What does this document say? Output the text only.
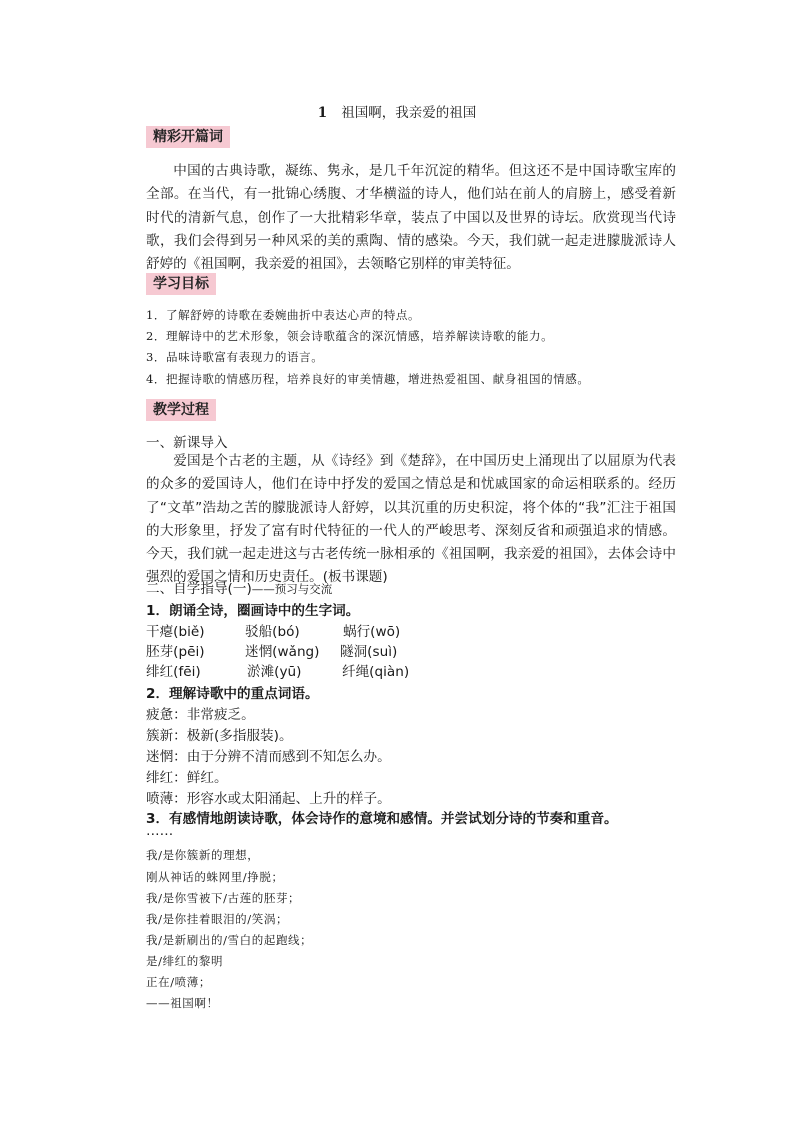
1 祖国啊，我亲爱的祖国
精彩开篇词

中国的古典诗歌，凝练、隽永，是几千年沉淀的精华。但这还不是中国诗歌宝库的全部。在当代，有一批锦心绣腹、才华横溢的诗人，他们站在前人的肩膀上，感受着新时代的清新气息，创作了一大批精彩华章，装点了中国以及世界的诗坛。欣赏现当代诗歌，我们会得到另一种风采的美的熏陶、情的感染。今天，我们就一起走进朦胧派诗人舒婷的《祖国啊，我亲爱的祖国》，去领略它别样的审美特征。

学习目标
1．了解舒婷的诗歌在委婉曲折中表达心声的特点。
2．理解诗中的艺术形象，领会诗歌蕴含的深沉情感，培养解读诗歌的能力。
3．品味诗歌富有表现力的语言。
4．把握诗歌的情感历程，培养良好的审美情趣，增进热爱祖国、献身祖国的情感。
教学过程
一、新课导入

爱国是个古老的主题，从《诗经》到《楚辞》，在中国历史上涌现出了以屈原为代表的众多的爱国诗人，他们在诗中抒发的爱国之情总是和忧戚国家的命运相联系的。经历了“文革”浩劫之苦的朦胧派诗人舒婷，以其沉重的历史积淀，将个体的“我”汇注于祖国的大形象里，抒发了富有时代特征的一代人的严峻思考、深刻反省和顽强追求的情感。今天，我们就一起走进这与古老传统一脉相承的《祖国啊，我亲爱的祖国》，去体会诗中强烈的爱国之情和历史责任。(板书课题)

二、自学指导(一)——预习与交流
1．朗诵全诗，圈画诗中的生字词。
干瘪(biě)	驳船(bó)	蜗行(wō)
胚芽(pēi)	迷惘(wǎng) 隧洞(suì)
绯红(fēi)	淤滩(yū)	纤绳(qiàn)
2．理解诗歌中的重点词语。
疲惫：非常疲乏。
簇新：极新(多指服装)。
迷惘：由于分辨不清而感到不知怎么办。
绯红：鲜红。
喷薄：形容水或太阳涌起、上升的样子。
3．有感情地朗读诗歌，体会诗作的意境和感情。并尝试划分诗的节奏和重音。
……
我/是你簇新的理想，
刚从神话的蛛网里/挣脱；
我/是你雪被下/古莲的胚芽；
我/是你挂着眼泪的/笑涡；
我/是新刷出的/雪白的起跑线；
是/绯红的黎明
正在/喷薄；
——祖国啊！
